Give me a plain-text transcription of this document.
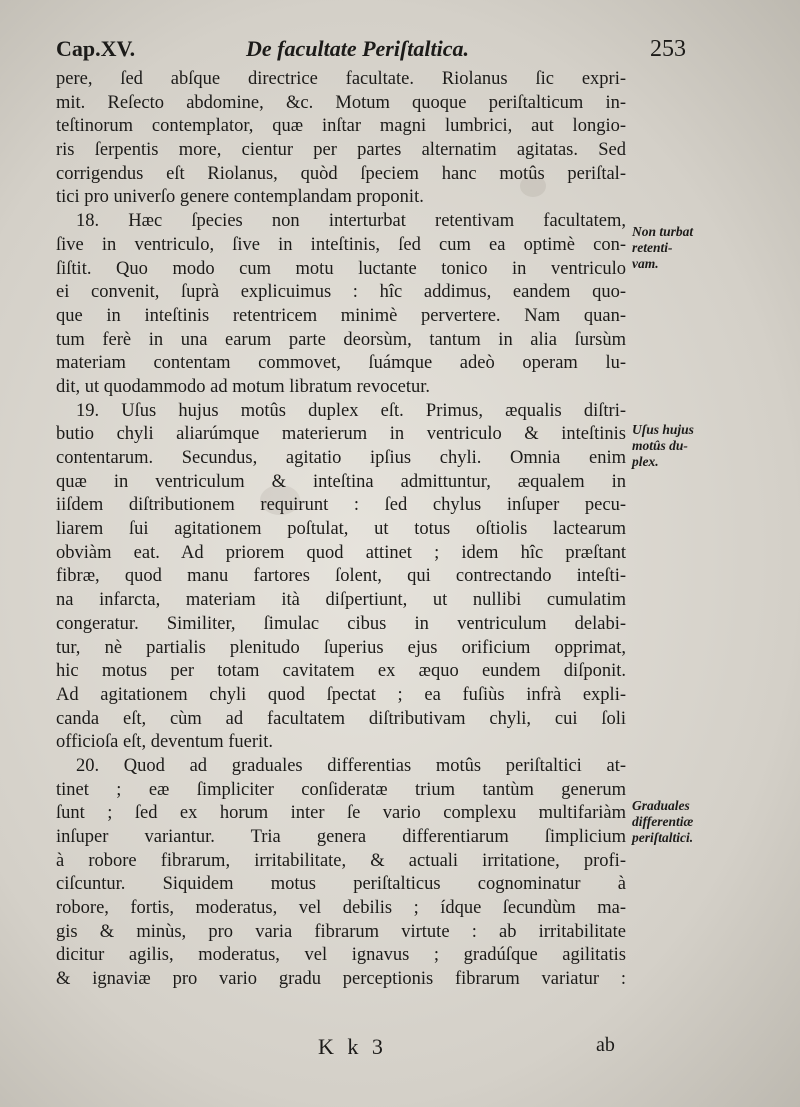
Cap.XV.	De facultate Periſtaltica.	253
pere, ſed abſque directrice facultate. Riolanus ſic expri-
mit. Reſecto abdomine, &c. Motum quoque periſtalticum in-
teſtinorum contemplator, quæ inſtar magni lumbrici, aut longio-
ris ſerpentis more, cientur per partes alternatim agitatas. Sed
corrigendus eſt Riolanus, quòd ſpeciem hanc motûs periſtal-
tici pro univerſo genere contemplandam proponit.
18. Hæc ſpecies non interturbat retentivam facultatem,
ſive in ventriculo, ſive in inteſtinis, ſed cum ea optimè con-
ſiſtit. Quo modo cum motu luctante tonico in ventriculo
ei convenit, ſuprà explicuimus : hîc addimus, eandem quo-
que in inteſtinis retentricem minimè pervertere. Nam quan-
tum ferè in una earum parte deorsùm, tantum in alia ſursùm
materiam contentam commovet, ſuámque adeò operam lu-
dit, ut quodammodo ad motum libratum revocetur.
19. Uſus hujus motûs duplex eſt. Primus, æqualis diſtri-
butio chyli aliarúmque materierum in ventriculo & inteſtinis
contentarum. Secundus, agitatio ipſius chyli. Omnia enim
quæ in ventriculum & inteſtina admittuntur, æqualem in
iiſdem diſtributionem requirunt : ſed chylus inſuper pecu-
liarem ſui agitationem poſtulat, ut totus oſtiolis lactearum
obviàm eat. Ad priorem quod attinet ; idem hîc præſtant
fibræ, quod manu fartores ſolent, qui contrectando inteſti-
na infarcta, materiam ità diſpertiunt, ut nullibi cumulatim
congeratur. Similiter, ſimulac cibus in ventriculum delabi-
tur, nè partialis plenitudo ſuperius ejus orificium opprimat,
hic motus per totam cavitatem ex æquo eundem diſponit.
Ad agitationem chyli quod ſpectat ; ea fuſiùs infrà expli-
canda eſt, cùm ad facultatem diſtributivam chyli, cui ſoli
officioſa eſt, deventum fuerit.
20. Quod ad graduales differentias motûs periſtaltici at-
tinet ; eæ ſimpliciter conſideratæ trium tantùm generum
ſunt ; ſed ex horum inter ſe vario complexu multifariàm
inſuper variantur. Tria genera differentiarum ſimplicium
à robore fibrarum, irritabilitate, & actuali irritatione, profi-
ciſcuntur. Siquidem motus periſtalticus cognominatur à
robore, fortis, moderatus, vel debilis ; ídque ſecundùm ma-
gis & minùs, pro varia fibrarum virtute : ab irritabilitate
dicitur agilis, moderatus, vel ignavus ; gradúſque agilitatis
& ignaviæ pro vario gradu perceptionis fibrarum variatur :
Non turbat
retenti-
vam.
Uſus hujus
motûs du-
plex.
Graduales
differentiæ
periſtaltici.
K k 3	ab
